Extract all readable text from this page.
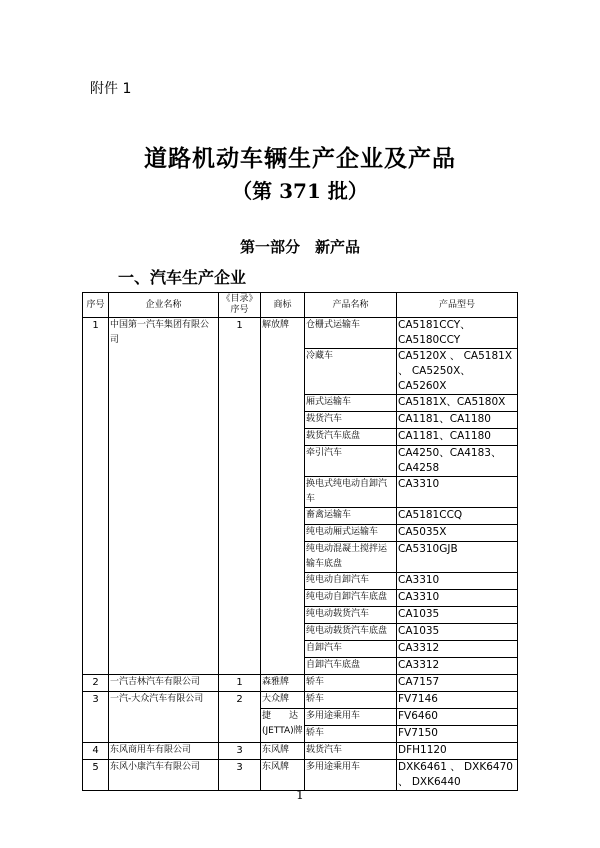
附件 1
道路机动车辆生产企业及产品
（第 371 批）
第一部分　新产品
一、汽车生产企业
序号	企业名称	《目录》序号	商标	产品名称	产品型号
1	中国第一汽车集团有限公司	1	解放牌	仓栅式运输车	CA5181CCY、CA5180CCY
				冷藏车	CA5120X 、 CA5181X 、 CA5250X、CA5260X
				厢式运输车	CA5181X、CA5180X
				载货汽车	CA1181、CA1180
				载货汽车底盘	CA1181、CA1180
				牵引汽车	CA4250、CA4183、CA4258
				换电式纯电动自卸汽车	CA3310
				畜禽运输车	CA5181CCQ
				纯电动厢式运输车	CA5035X
				纯电动混凝土搅拌运输车底盘	CA5310GJB
				纯电动自卸汽车	CA3310
				纯电动自卸汽车底盘	CA3310
				纯电动载货汽车	CA1035
				纯电动载货汽车底盘	CA1035
				自卸汽车	CA3312
				自卸汽车底盘	CA3312
2	一汽吉林汽车有限公司	1	森雅牌	轿车	CA7157
3	一汽-大众汽车有限公司	2	大众牌	轿车	FV7146
			捷　　达(JETTA)牌	多用途乘用车	FV6460
				轿车	FV7150
4	东风商用车有限公司	3	东风牌	载货汽车	DFH1120
5	东风小康汽车有限公司	3	东风牌	多用途乘用车	DXK6461 、 DXK6470 、 DXK6440
1
